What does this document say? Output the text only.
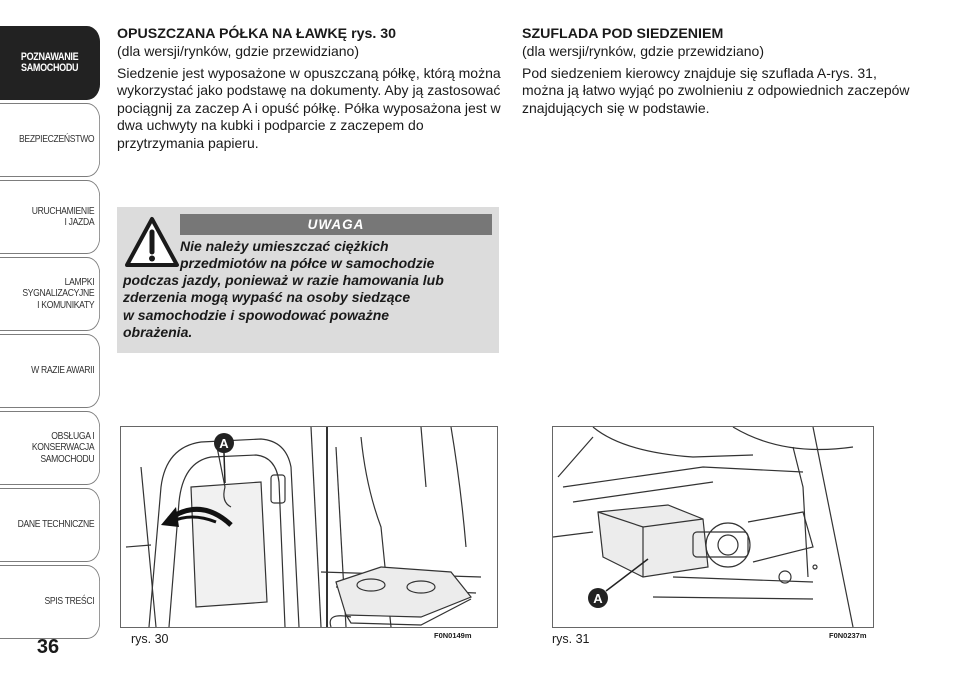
POZNAWANIE
SAMOCHODU
BEZPIECZEŃSTWO
URUCHAMIENIE
I JAZDA
LAMPKI
SYGNALIZACYJNE
I KOMUNIKATY
W RAZIE AWARII
OBSŁUGA I
KONSERWACJA
SAMOCHODU
DANE TECHNICZNE
SPIS TREŚCI
36

OPUSZCZANA PÓŁKA NA ŁAWKĘ rys. 30

(dla wersji/rynków, gdzie przewidziano)

Siedzenie jest wyposażone w opuszczaną półkę, którą można wykorzystać jako podstawę na dokumenty. Aby ją zastosować pociągnij za zaczep A i opuść półkę. Półka wyposażona jest w dwa uchwyty na kubki i podparcie z zaczepem do przytrzymania papieru.

UWAGA
Nie należy umieszczać ciężkich
przedmiotów na półce w samochodzie
podczas jazdy, ponieważ w razie hamowania lub
zderzenia mogą wypaść na osoby siedzące
w samochodzie i spowodować poważne
obrażenia.

SZUFLADA POD SIEDZENIEM

(dla wersji/rynków, gdzie przewidziano)

Pod siedzeniem kierowcy znajduje się szuflada A-rys. 31, można ją łatwo wyjąć po zwolnieniu z odpowiednich zaczepów znajdujących się w podstawie.

A
rys. 30	F0N0149m
A
rys. 31	F0N0237m
